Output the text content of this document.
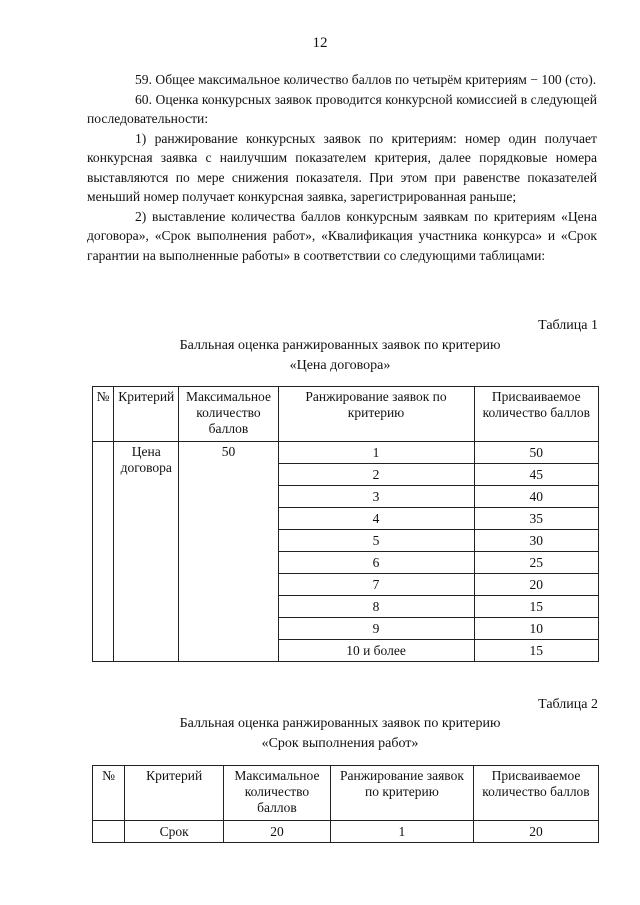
12

59. Общее максимальное количество баллов по четырём критериям − 100 (сто).

60. Оценка конкурсных заявок проводится конкурсной комиссией в следующей последовательности:

1) ранжирование конкурсных заявок по критериям: номер один получает конкурсная заявка с наилучшим показателем критерия, далее порядковые номера выставляются по мере снижения показателя. При этом при равенстве показателей меньший номер получает конкурсная заявка, зарегистрированная раньше;

2) выставление количества баллов конкурсным заявкам по критериям «Цена договора», «Срок выполнения работ», «Квалификация участника конкурса» и «Срок гарантии на выполненные работы» в соответствии со следующими таблицами:

Таблица 1
Балльная оценка ранжированных заявок по критерию
«Цена договора»
№	Критерий	Максимальное количество баллов	Ранжирование заявок по критерию	Присваиваемое количество баллов
	Цена договора	50	1	50
			2	45
			3	40
			4	35
			5	30
			6	25
			7	20
			8	15
			9	10
			10 и более	15
Таблица 2
Балльная оценка ранжированных заявок по критерию
«Срок выполнения работ»
№	Критерий	Максимальное количество баллов	Ранжирование заявок по критерию	Присваиваемое количество баллов
	Срок	20	1	20
